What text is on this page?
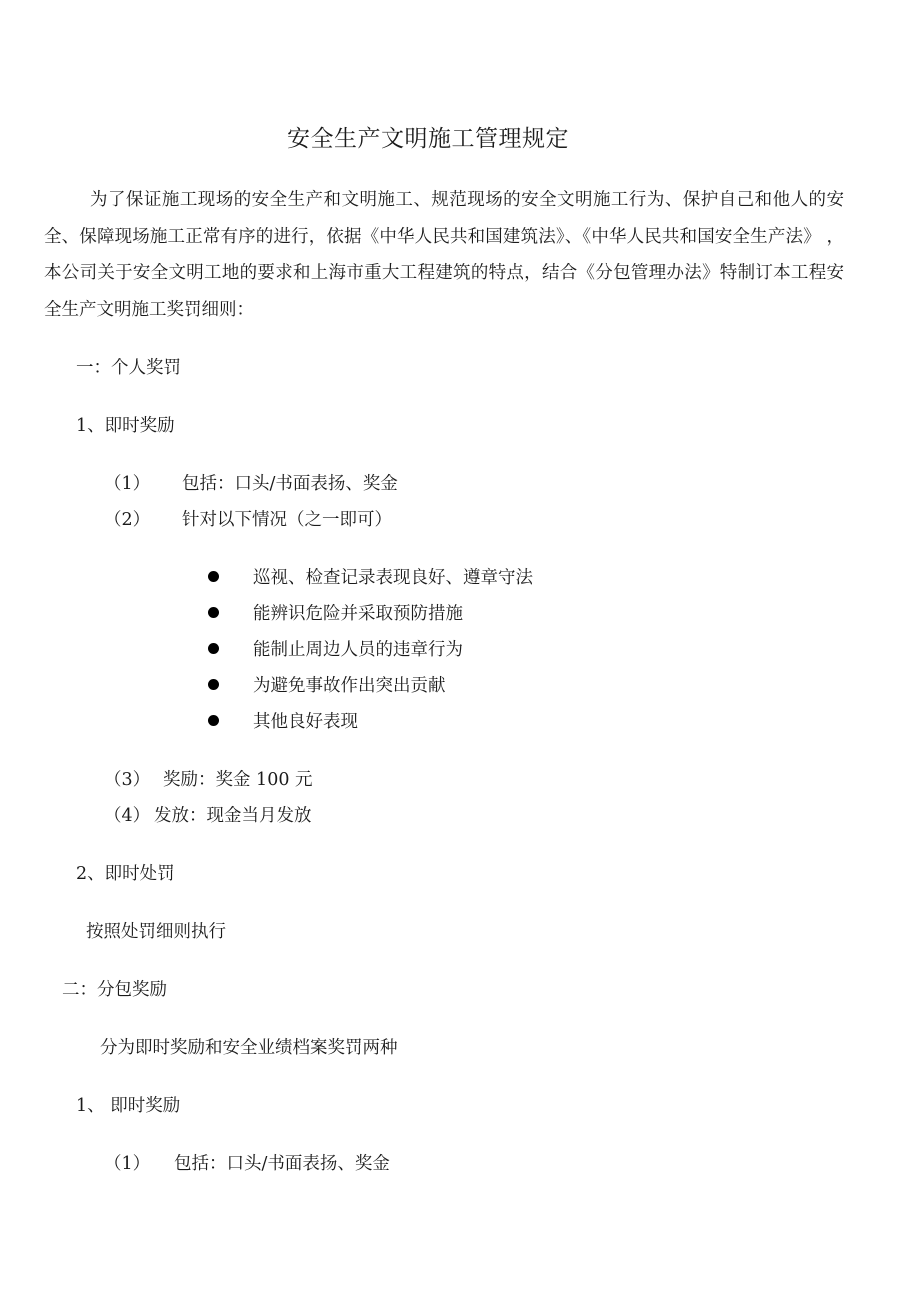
安全生产文明施工管理规定
为了保证施工现场的安全生产和文明施工、规范现场的安全文明施工行为、保护自己和他人的安全、保障现场施工正常有序的进行，依据《中华人民共和国建筑法》、《中华人民共和国安全生产法》 ，本公司关于安全文明工地的要求和上海市重大工程建筑的特点，结合《分包管理办法》特制订本工程安全生产文明施工奖罚细则：
一：个人奖罚
1、即时奖励
（1） 包括：口头/书面表扬、奖金
（2） 针对以下情况（之一即可）
巡视、检查记录表现良好、遵章守法
能辨识危险并采取预防措施
能制止周边人员的违章行为
为避免事故作出突出贡献
其他良好表现
（3） 奖励：奖金 100 元
（4） 发放：现金当月发放
2、即时处罚
按照处罚细则执行
二：分包奖励
分为即时奖励和安全业绩档案奖罚两种
1、 即时奖励
（1） 包括：口头/书面表扬、奖金
